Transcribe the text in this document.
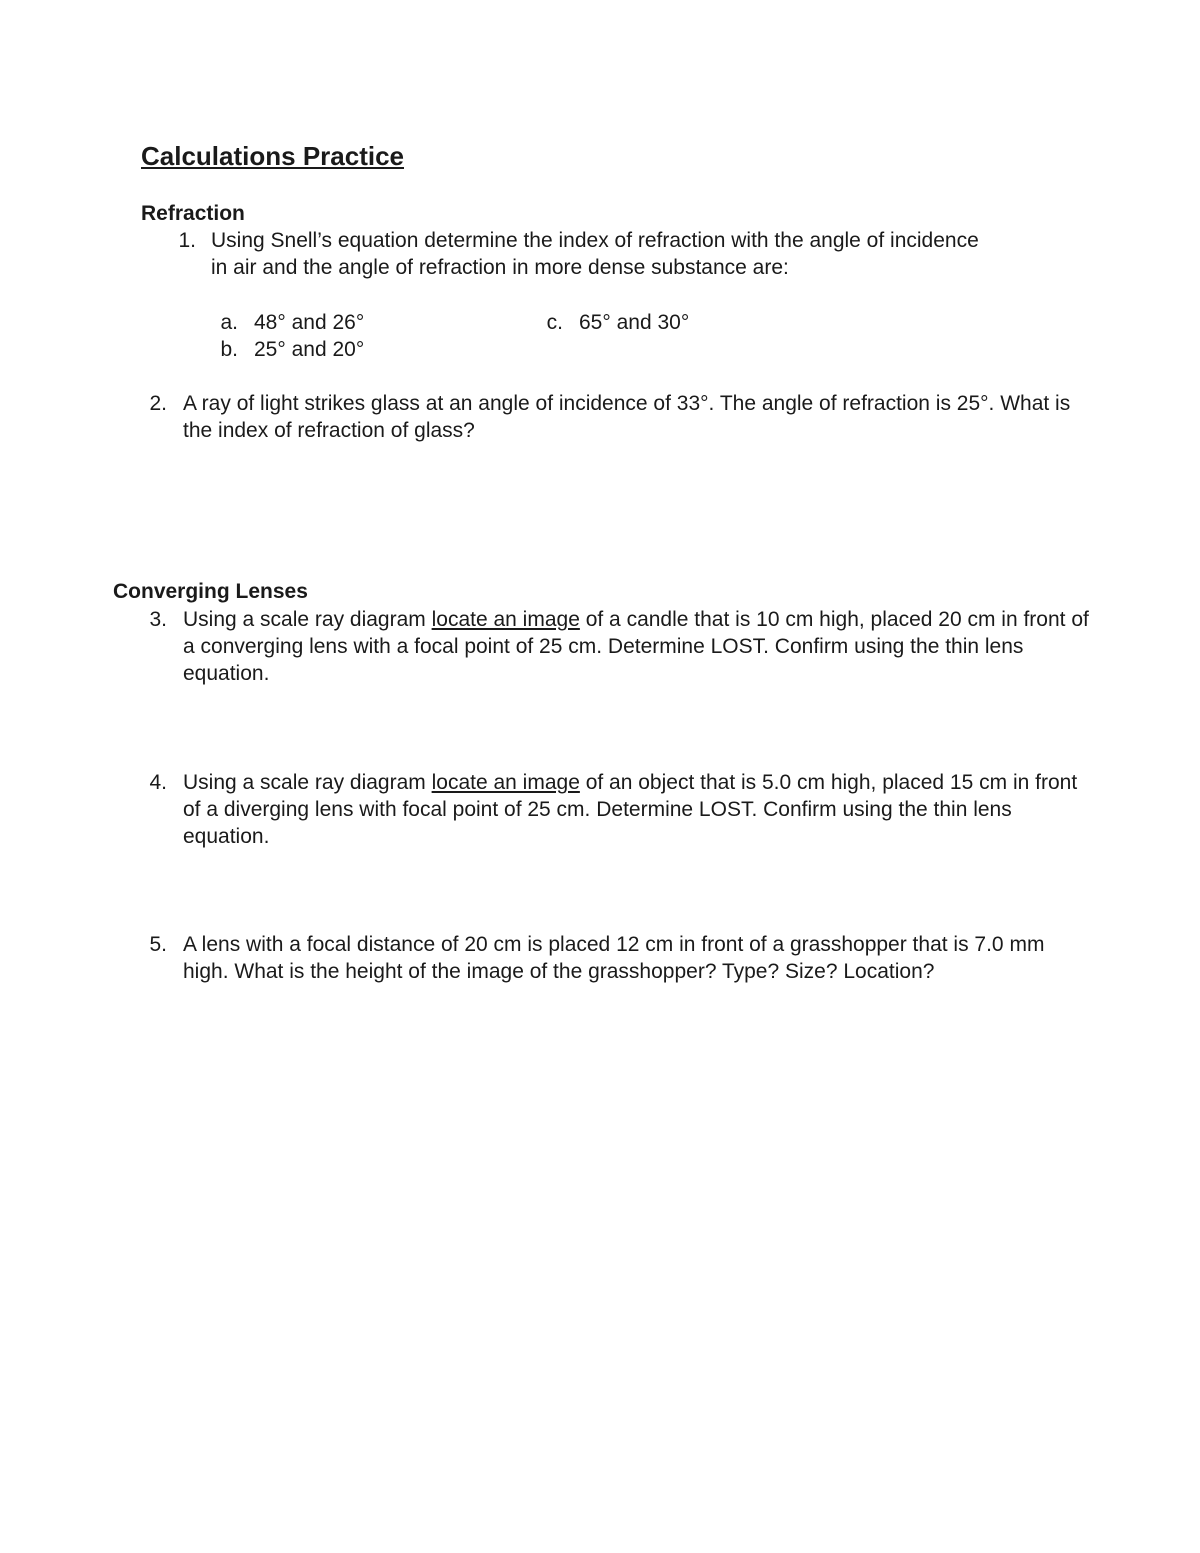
Calculations Practice
Refraction
1. Using Snell’s equation determine the index of refraction with the angle of incidence in air and the angle of refraction in more dense substance are:
a. 48° and 26°
b. 25° and 20°
c. 65° and 30°
2. A ray of light strikes glass at an angle of incidence of 33°. The angle of refraction is 25°. What is the index of refraction of glass?
Converging Lenses
3. Using a scale ray diagram locate an image of a candle that is 10 cm high, placed 20 cm in front of a converging lens with a focal point of 25 cm. Determine LOST. Confirm using the thin lens equation.
4. Using a scale ray diagram locate an image of an object that is 5.0 cm high, placed 15 cm in front of a diverging lens with focal point of 25 cm. Determine LOST. Confirm using the thin lens equation.
5. A lens with a focal distance of 20 cm is placed 12 cm in front of a grasshopper that is 7.0 mm high. What is the height of the image of the grasshopper? Type? Size? Location?
